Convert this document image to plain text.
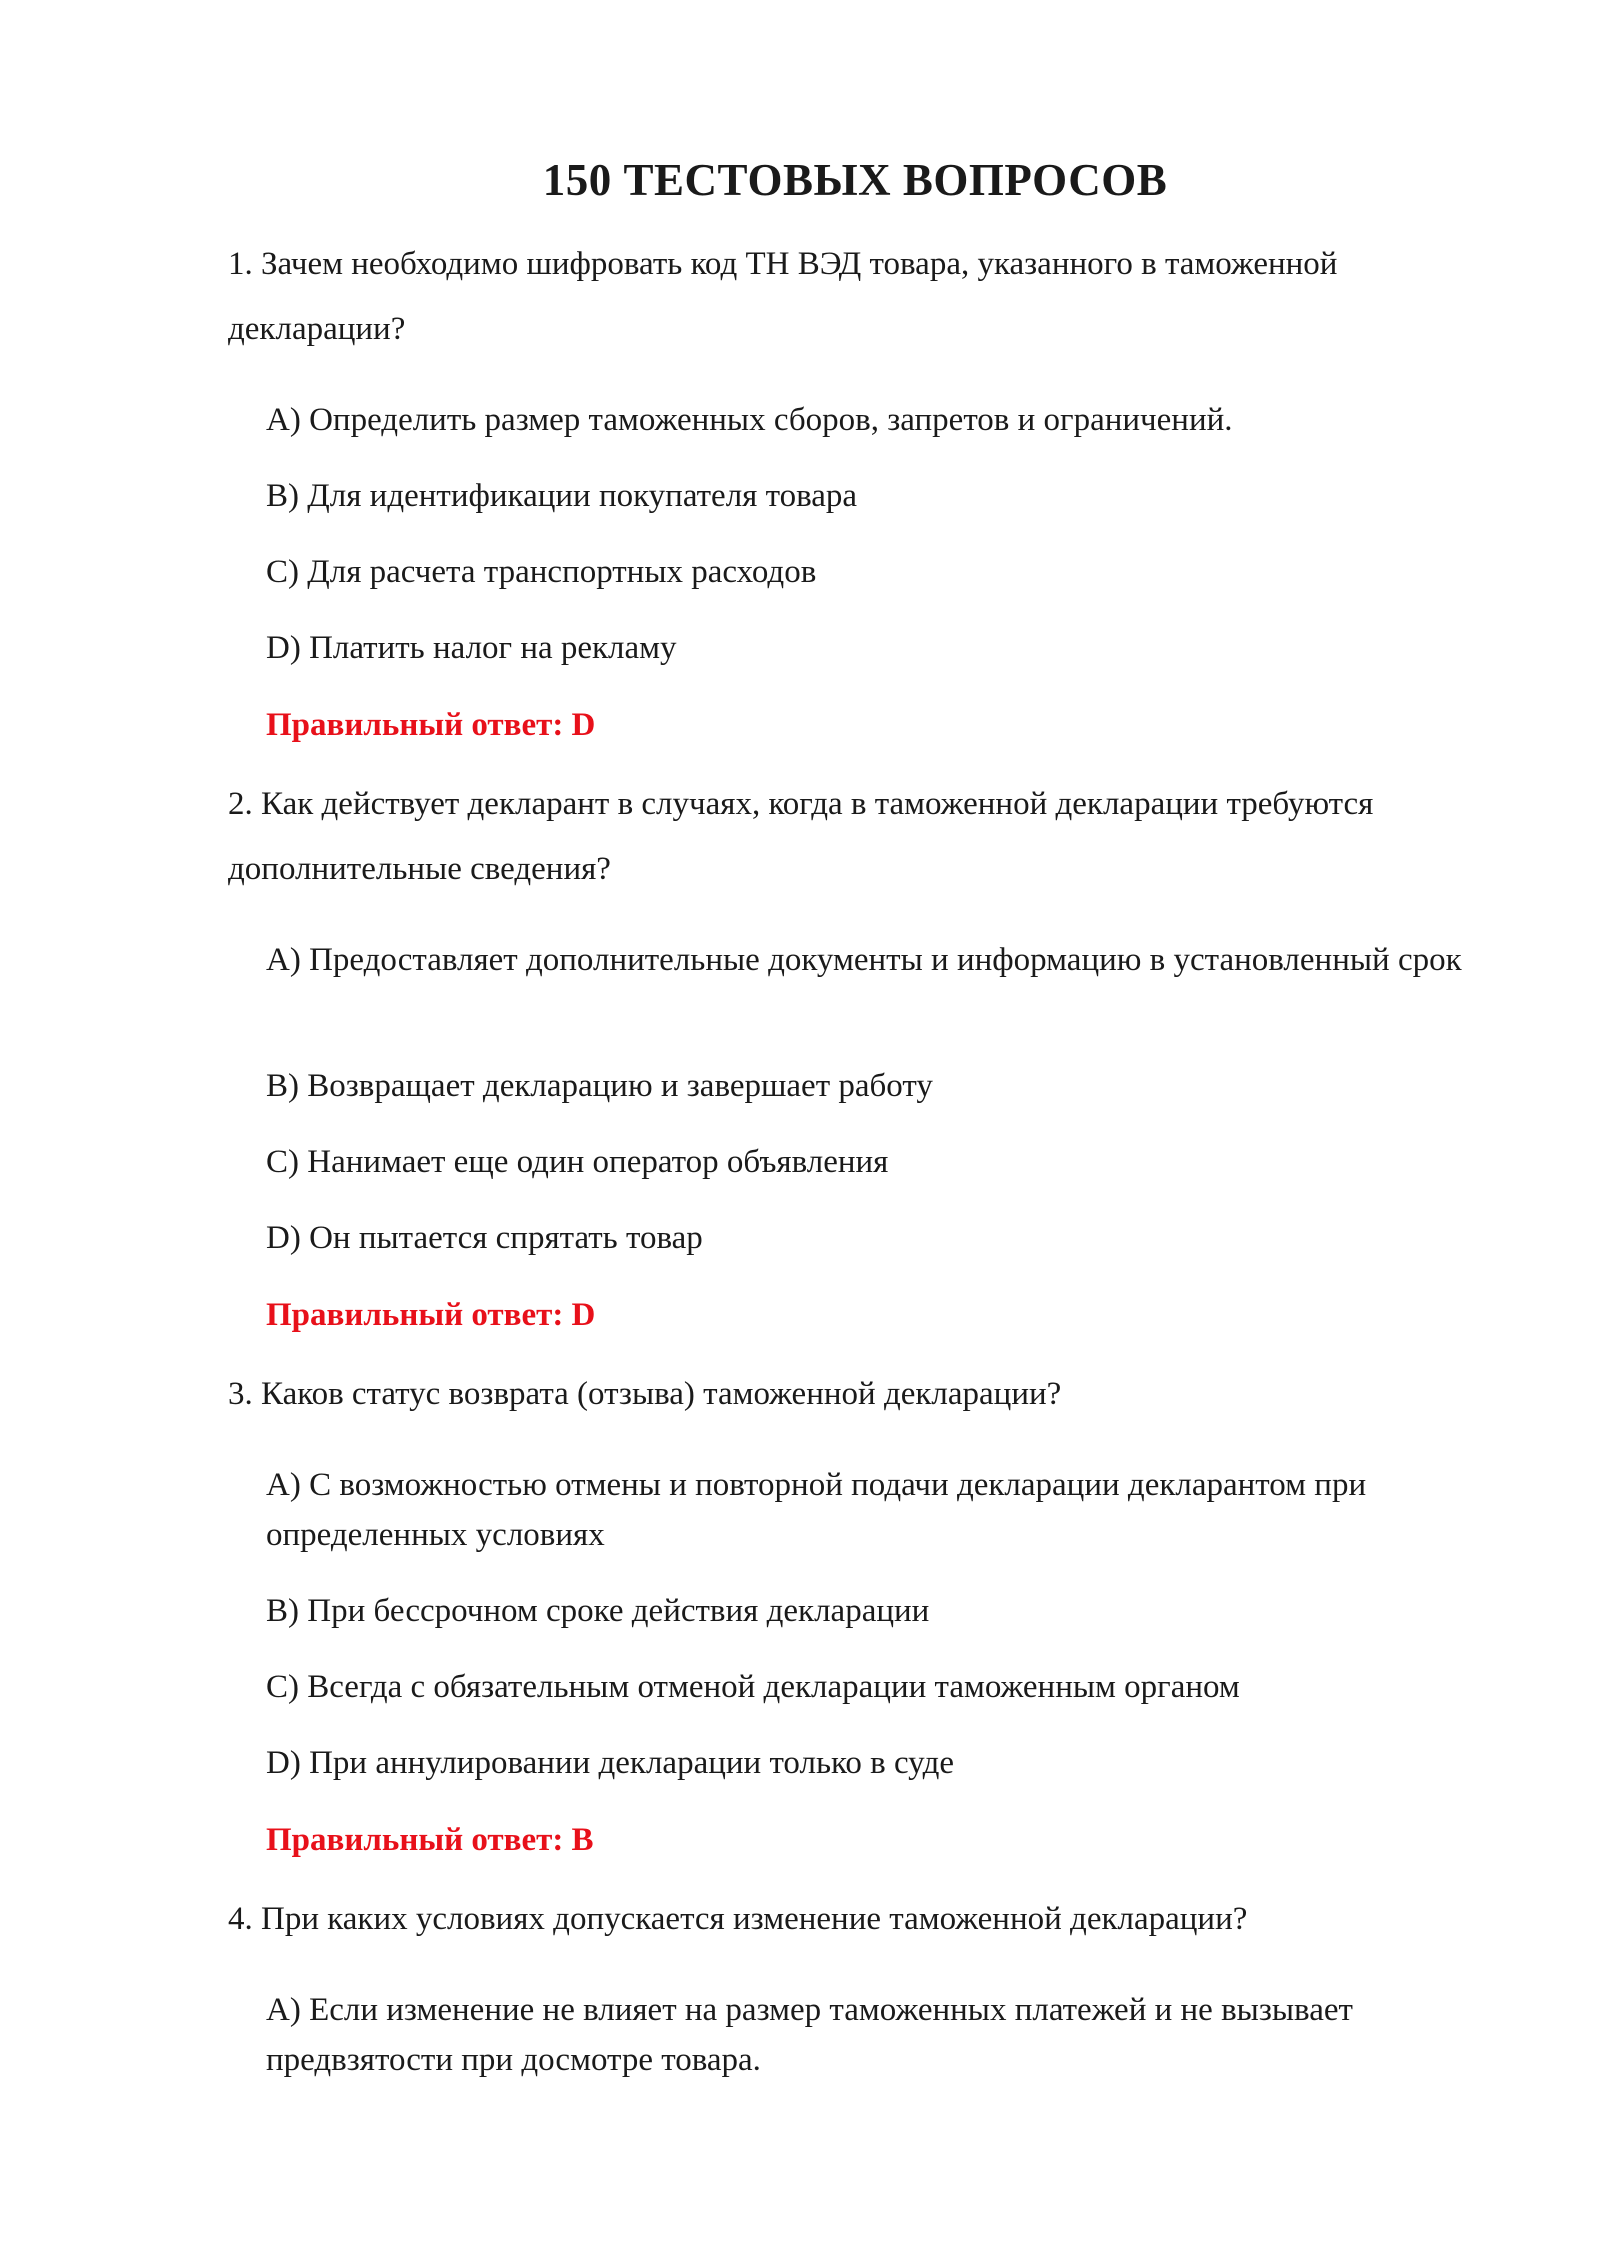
150 ТЕСТОВЫХ ВОПРОСОВ

1. Зачем необходимо шифровать код ТН ВЭД товара, указанного в таможенной декларации?

A) Определить размер таможенных сборов, запретов и ограничений.

B) Для идентификации покупателя товара

C) Для расчета транспортных расходов

D) Платить налог на рекламу

Правильный ответ: D

2. Как действует декларант в случаях, когда в таможенной декларации требуются дополнительные сведения?

A) Предоставляет дополнительные документы и информацию в установленный срок

B) Возвращает декларацию и завершает работу

C) Нанимает еще один оператор объявления

D) Он пытается спрятать товар

Правильный ответ: D

3. Каков статус возврата (отзыва) таможенной декларации?

A) С возможностью отмены и повторной подачи декларации декларантом при определенных условиях

B) При бессрочном сроке действия декларации

C) Всегда с обязательным отменой декларации таможенным органом

D) При аннулировании декларации только в суде

Правильный ответ: B

4. При каких условиях допускается изменение таможенной декларации?

A) Если изменение не влияет на размер таможенных платежей и не вызывает предвзятости при досмотре товара.
